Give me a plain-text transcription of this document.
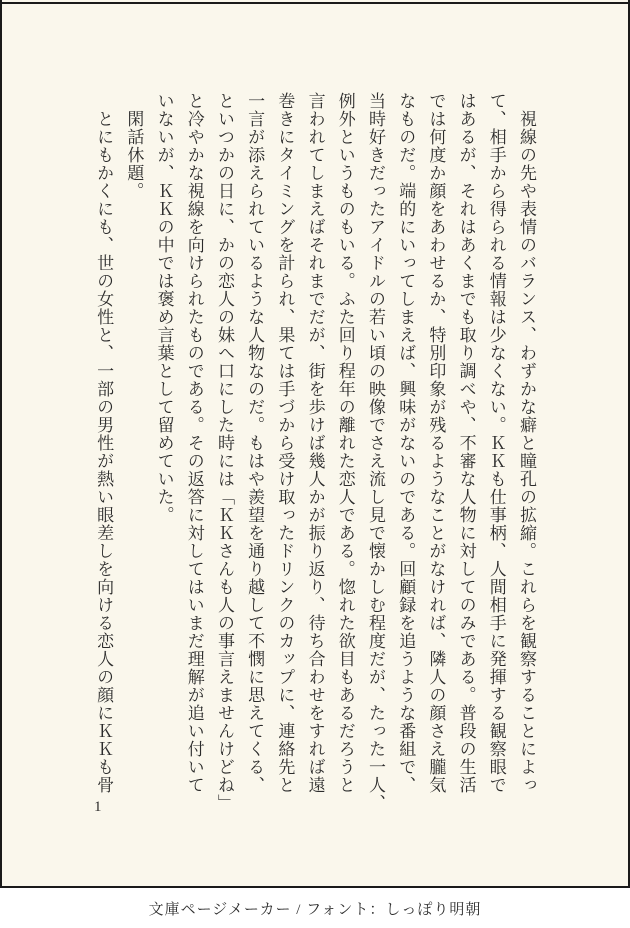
　視線の先や表情のバランス、わずかな癖と瞳孔の拡縮。これらを観察することによっ
て、相手から得られる情報は少なくない。ＫＫも仕事柄、人間相手に発揮する観察眼で
はあるが、それはあくまでも取り調べや、不審な人物に対してのみである。普段の生活
では何度か顔をあわせるか、特別印象が残るようなことがなければ、隣人の顔さえ朧気
なものだ。端的にいってしまえば、興味がないのである。回顧録を追うような番組で、
当時好きだったアイドルの若い頃の映像でさえ流し見で懐かしむ程度だが、たった一人、
例外というものもいる。ふた回り程年の離れた恋人である。惚れた欲目もあるだろうと
言われてしまえばそれまでだが、街を歩けば幾人かが振り返り、待ち合わせをすれば遠
巻きにタイミングを計られ、果ては手づから受け取ったドリンクのカップに、連絡先と
一言が添えられているような人物なのだ。もはや羨望を通り越して不憫に思えてくる、
といつかの日に、かの恋人の妹へ口にした時には「ＫＫさんも人の事言えませんけどね」
と冷やかな視線を向けられたものである。その返答に対してはいまだ理解が追い付いて
いないが、ＫＫの中では褒め言葉として留めていた。
　閑話休題。
　とにもかくにも、世の女性と、一部の男性が熱い眼差しを向ける恋人の顔にＫＫも骨
1
文庫ページメーカー / フォント：しっぽり明朝
